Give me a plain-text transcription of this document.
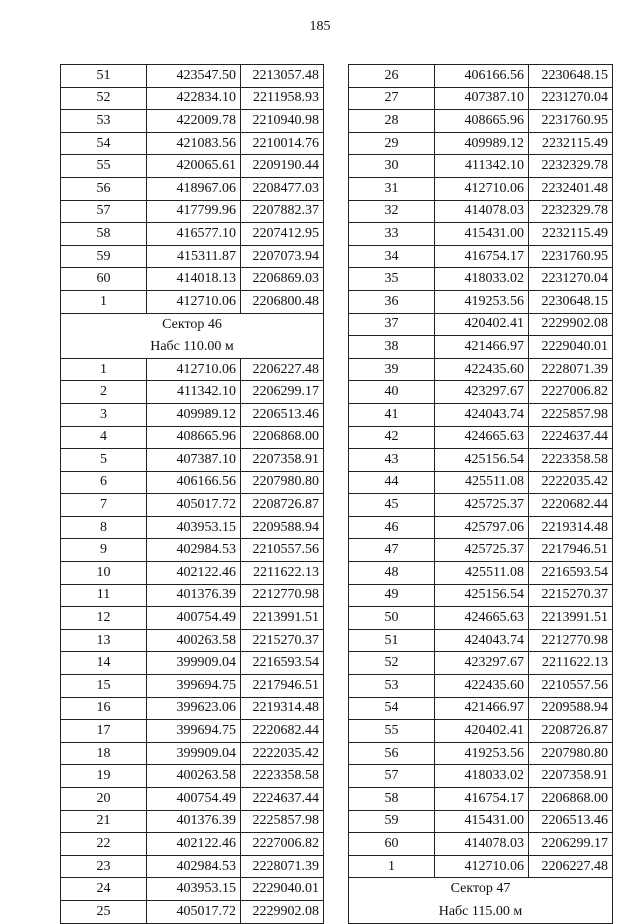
185
51	423547.50	2213057.48
52	422834.10	2211958.93
53	422009.78	2210940.98
54	421083.56	2210014.76
55	420065.61	2209190.44
56	418967.06	2208477.03
57	417799.96	2207882.37
58	416577.10	2207412.95
59	415311.87	2207073.94
60	414018.13	2206869.03
1	412710.06	2206800.48
Сектор 46		
Набс 110.00 м		
1	412710.06	2206227.48
2	411342.10	2206299.17
3	409989.12	2206513.46
4	408665.96	2206868.00
5	407387.10	2207358.91
6	406166.56	2207980.80
7	405017.72	2208726.87
8	403953.15	2209588.94
9	402984.53	2210557.56
10	402122.46	2211622.13
11	401376.39	2212770.98
12	400754.49	2213991.51
13	400263.58	2215270.37
14	399909.04	2216593.54
15	399694.75	2217946.51
16	399623.06	2219314.48
17	399694.75	2220682.44
18	399909.04	2222035.42
19	400263.58	2223358.58
20	400754.49	2224637.44
21	401376.39	2225857.98
22	402122.46	2227006.82
23	402984.53	2228071.39
24	403953.15	2229040.01
25	405017.72	2229902.08
26	406166.56	2230648.15
27	407387.10	2231270.04
28	408665.96	2231760.95
29	409989.12	2232115.49
30	411342.10	2232329.78
31	412710.06	2232401.48
32	414078.03	2232329.78
33	415431.00	2232115.49
34	416754.17	2231760.95
35	418033.02	2231270.04
36	419253.56	2230648.15
37	420402.41	2229902.08
38	421466.97	2229040.01
39	422435.60	2228071.39
40	423297.67	2227006.82
41	424043.74	2225857.98
42	424665.63	2224637.44
43	425156.54	2223358.58
44	425511.08	2222035.42
45	425725.37	2220682.44
46	425797.06	2219314.48
47	425725.37	2217946.51
48	425511.08	2216593.54
49	425156.54	2215270.37
50	424665.63	2213991.51
51	424043.74	2212770.98
52	423297.67	2211622.13
53	422435.60	2210557.56
54	421466.97	2209588.94
55	420402.41	2208726.87
56	419253.56	2207980.80
57	418033.02	2207358.91
58	416754.17	2206868.00
59	415431.00	2206513.46
60	414078.03	2206299.17
1	412710.06	2206227.48
Сектор 47		
Набс 115.00 м		
